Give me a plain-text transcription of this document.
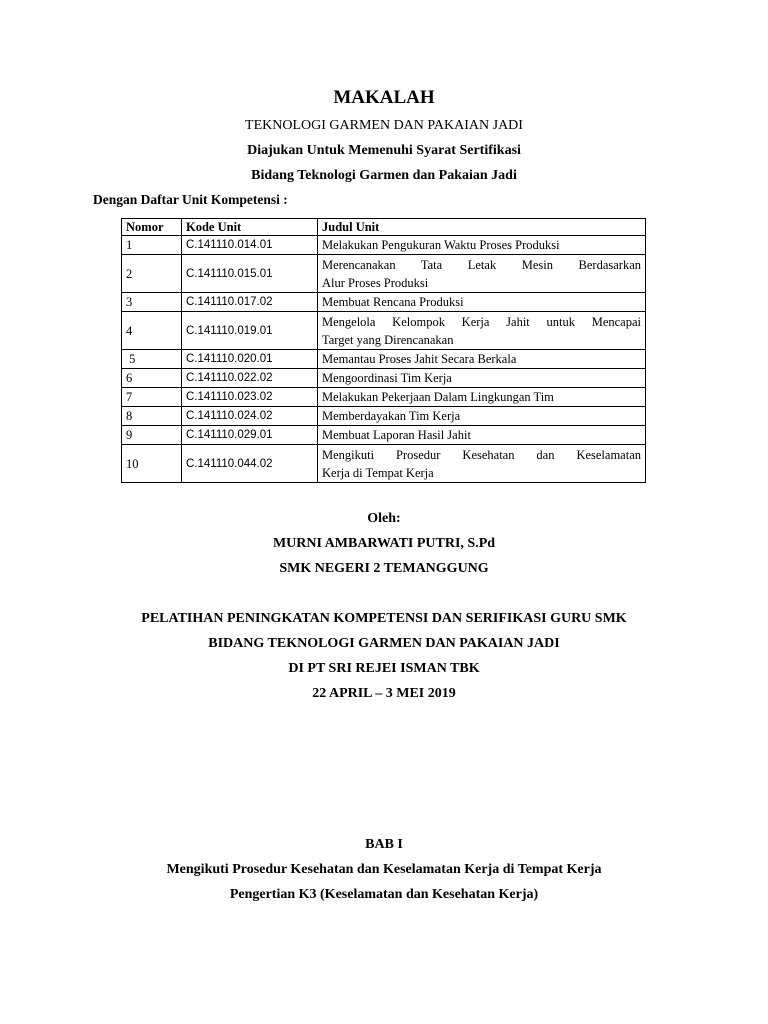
MAKALAH
TEKNOLOGI GARMEN DAN PAKAIAN JADI
Diajukan Untuk Memenuhi Syarat Sertifikasi
Bidang Teknologi Garmen dan Pakaian Jadi
Dengan Daftar Unit Kompetensi :
Nomor	Kode Unit	Judul Unit
1	C.141110.014.01	Melakukan Pengukuran Waktu Proses Produksi

2	C.141110.015.01	Merencanakan Tata Letak Mesin Berdasarkan
Alur Proses Produksi

3	C.141110.017.02	Membuat Rencana Produksi

4	C.141110.019.01	Mengelola Kelompok Kerja Jahit untuk Mencapai
Target yang Direncanakan

5	C.141110.020.01	Memantau Proses Jahit Secara Berkala

6	C.141110.022.02	Mengoordinasi Tim Kerja

7	C.141110.023.02	Melakukan Pekerjaan Dalam Lingkungan Tim

8	C.141110.024.02	Memberdayakan Tim Kerja

9	C.141110.029.01	Membuat Laporan Hasil Jahit

10	C.141110.044.02	Mengikuti Prosedur Kesehatan dan Keselamatan
Kerja di Tempat Kerja
Oleh:
MURNI AMBARWATI PUTRI, S.Pd
SMK NEGERI 2 TEMANGGUNG
PELATIHAN PENINGKATAN KOMPETENSI DAN SERIFIKASI GURU SMK
BIDANG TEKNOLOGI GARMEN DAN PAKAIAN JADI
DI PT SRI REJEI ISMAN TBK
22 APRIL – 3 MEI 2019
BAB I
Mengikuti Prosedur Kesehatan dan Keselamatan Kerja di Tempat Kerja
Pengertian K3 (Keselamatan dan Kesehatan Kerja)
